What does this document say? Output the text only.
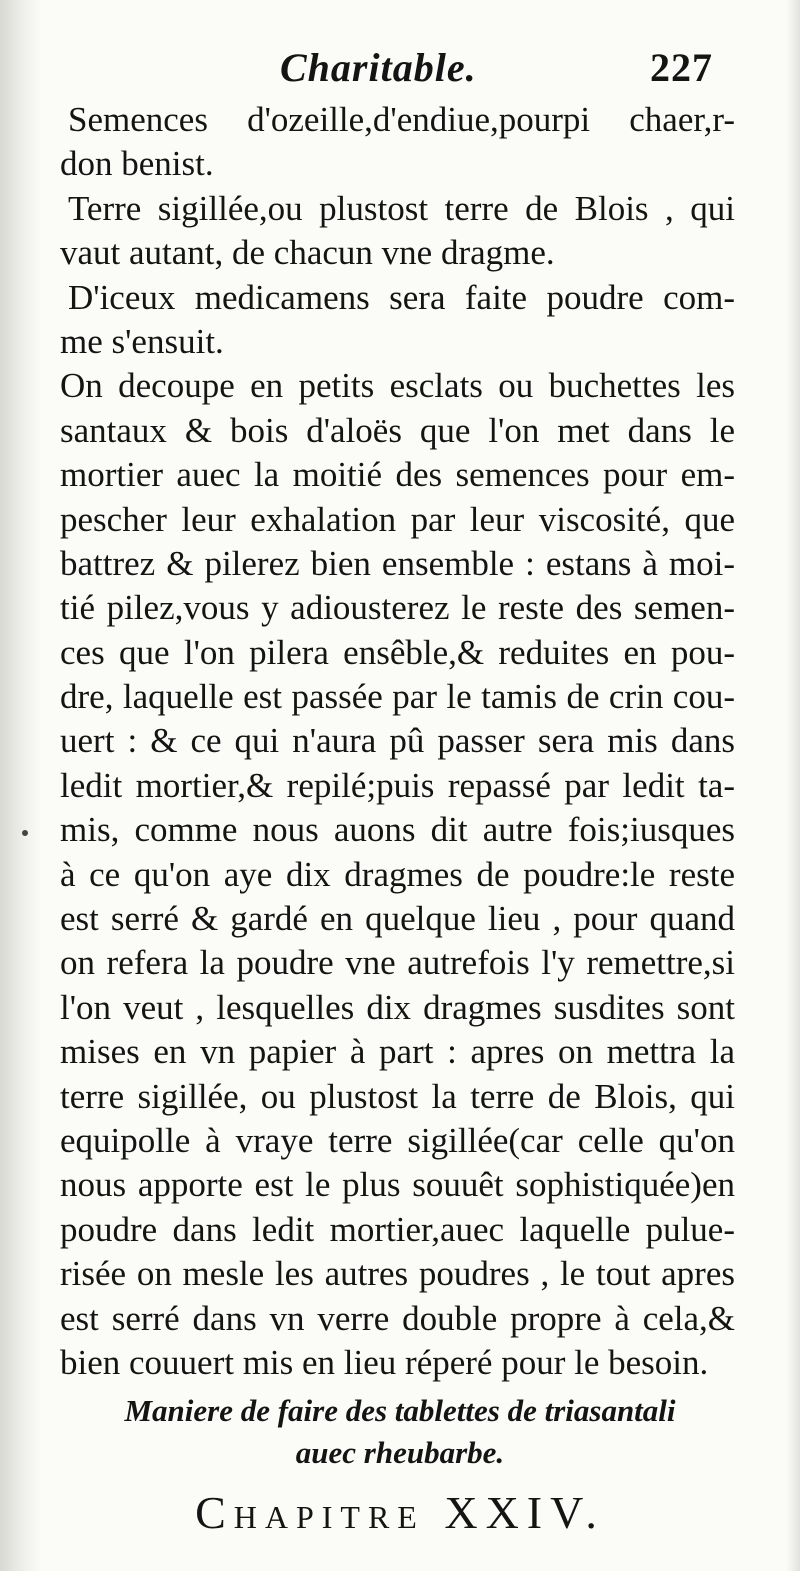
Charitable.	227
Semences d'ozeille,d'endiue,pourpi chaer,r-
don benist.
Terre sigillée,ou plustost terre de Blois , qui
vaut autant, de chacun vne dragme.
D'iceux medicamens sera faite poudre com-
me s'ensuit.
On decoupe en petits esclats ou buchettes les
santaux & bois d'aloës que l'on met dans le
mortier auec la moitié des semences pour em-
pescher leur exhalation par leur viscosité, que
battrez & pilerez bien ensemble : estans à moi-
tié pilez,vous y adiousterez le reste des semen-
ces que l'on pilera ensêble,& reduites en pou-
dre, laquelle est passée par le tamis de crin cou-
uert : & ce qui n'aura pû passer sera mis dans
ledit mortier,& repilé;puis repassé par ledit ta-
mis, comme nous auons dit autre fois;iusques
à ce qu'on aye dix dragmes de poudre:le reste
est serré & gardé en quelque lieu , pour quand
on refera la poudre vne autrefois l'y remettre,si
l'on veut , lesquelles dix dragmes susdites sont
mises en vn papier à part : apres on mettra la
terre sigillée, ou plustost la terre de Blois, qui
equipolle à vraye terre sigillée(car celle qu'on
nous apporte est le plus souuêt sophistiquée)en
poudre dans ledit mortier,auec laquelle pulue-
risée on mesle les autres poudres , le tout apres
est serré dans vn verre double propre à cela,&
bien couuert mis en lieu réperé pour le besoin.
Maniere de faire des tablettes de triasantali
auec rheubarbe.
Chapitre XXIV.
